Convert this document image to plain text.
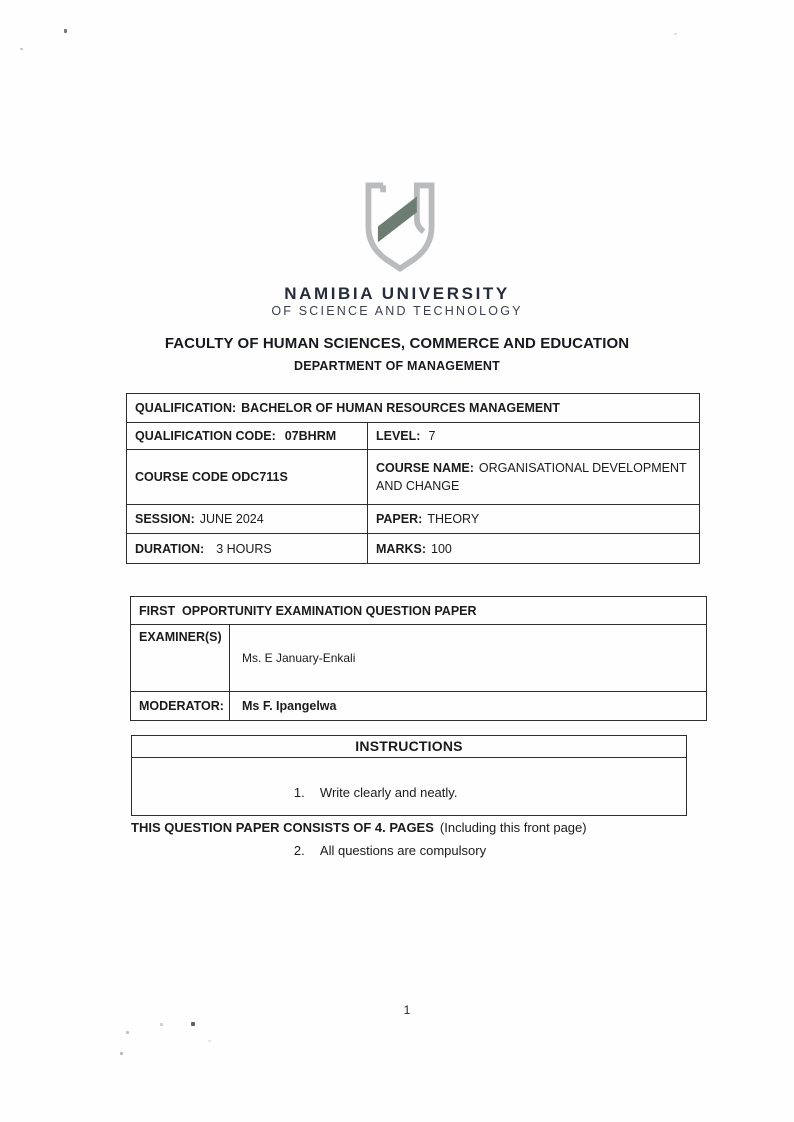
NAMIBIA UNIVERSITY
OF SCIENCE AND TECHNOLOGY
FACULTY OF HUMAN SCIENCES, COMMERCE AND EDUCATION
DEPARTMENT OF MANAGEMENT
QUALIFICATION: BACHELOR OF HUMAN RESOURCES MANAGEMENT	
QUALIFICATION CODE: 07BHRM	LEVEL: 7
COURSE CODE ODC711S	COURSE NAME: ORGANISATIONAL DEVELOPMENT AND CHANGE
SESSION: JUNE 2024	PAPER: THEORY
DURATION: 3 HOURS	MARKS: 100
FIRST  OPPORTUNITY EXAMINATION QUESTION PAPER	
EXAMINER(S)	Ms. E January-Enkali
MODERATOR:	Ms F. Ipangelwa
INSTRUCTIONS

1. Write clearly and neatly.

2. All questions are compulsory

THIS QUESTION PAPER CONSISTS OF 4. PAGES (Including this front page)
1
